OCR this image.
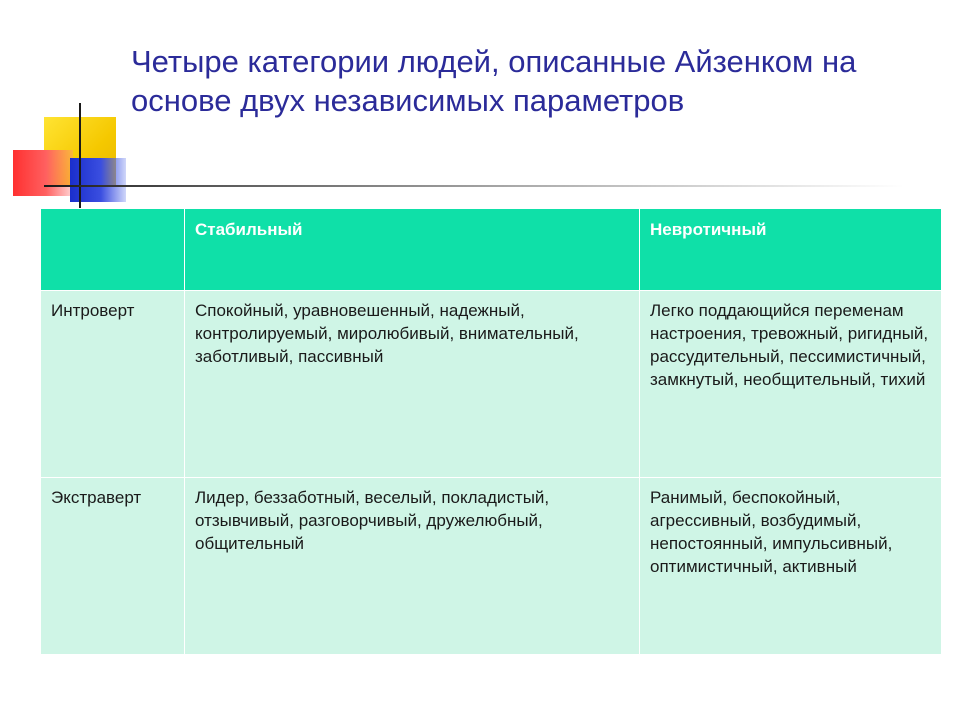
Четыре категории людей, описанные Айзенком на основе двух независимых параметров
	Стабильный	Невротичный
Интроверт	Спокойный, уравновешенный, надежный, контролируемый, миролюбивый, внимательный, заботливый, пассивный	Легко поддающийся переменам настроения, тревожный, ригидный, рассудительный, пессимистичный, замкнутый, необщительный, тихий
Экстраверт	Лидер, беззаботный, веселый, покладистый, отзывчивый, разговорчивый, дружелюбный, общительный	Ранимый, беспокойный, агрессивный, возбудимый, непостоянный, импульсивный, оптимистичный, активный
